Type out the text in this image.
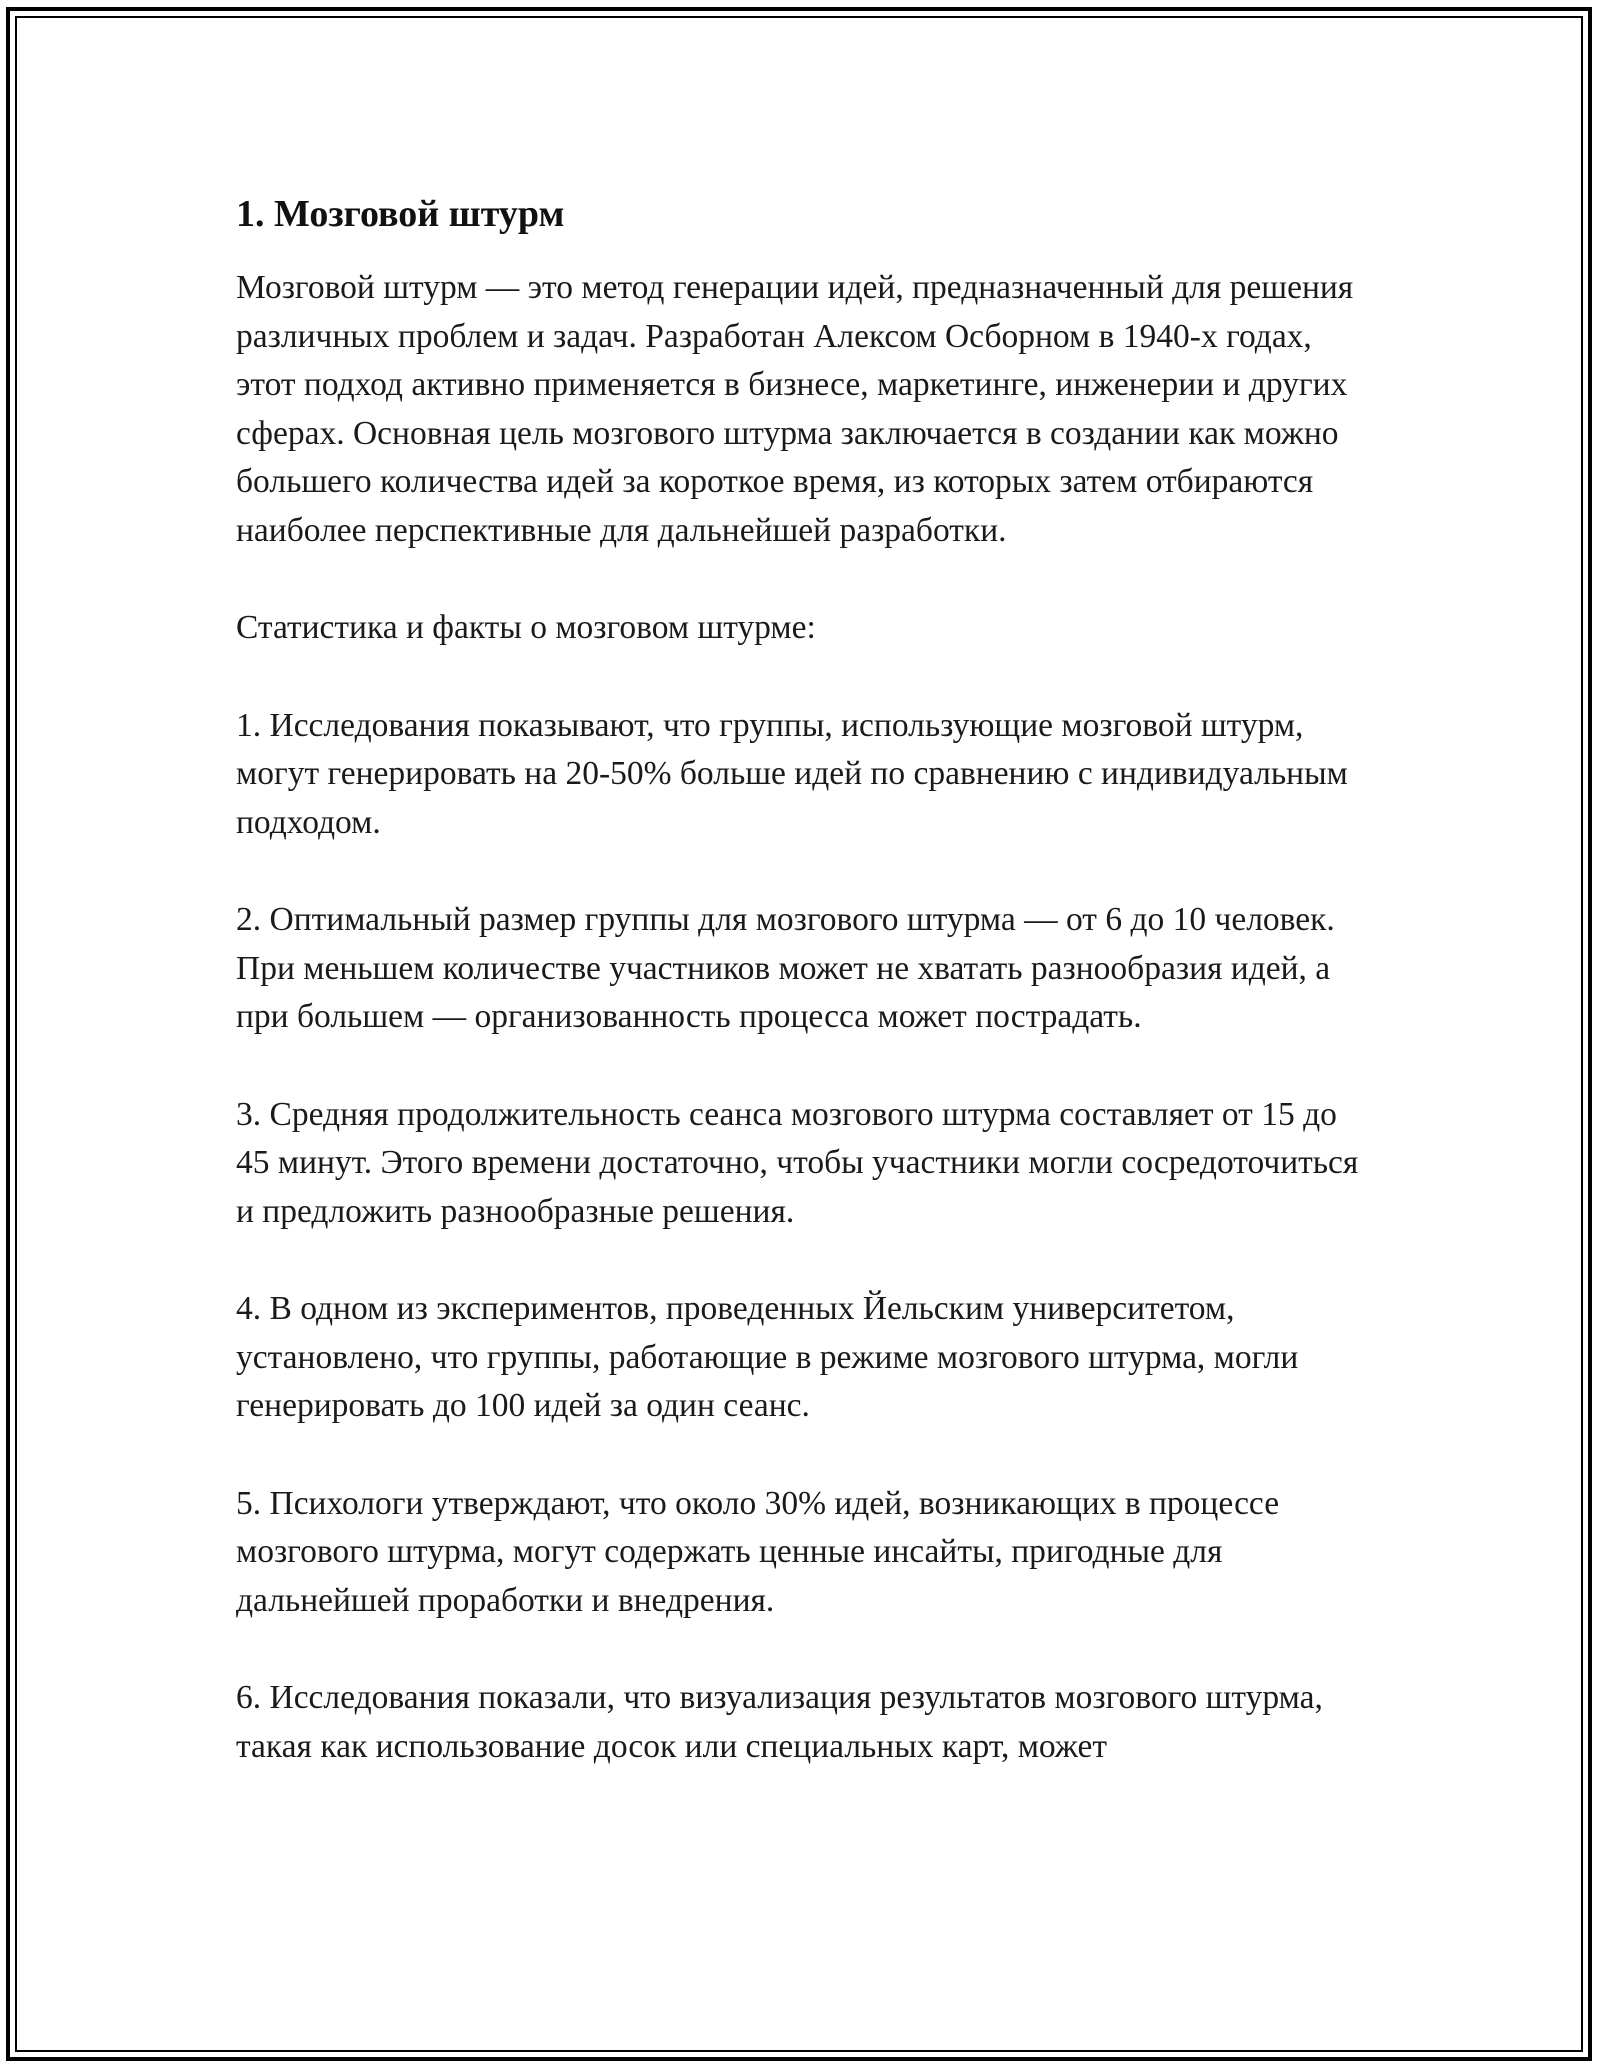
1. Мозговой штурм

Мозговой штурм — это метод генерации идей, предназначенный для решения различных проблем и задач. Разработан Алексом Осборном в 1940-х годах, этот подход активно применяется в бизнесе, маркетинге, инженерии и других сферах. Основная цель мозгового штурма заключается в создании как можно большего количества идей за короткое время, из которых затем отбираются наиболее перспективные для дальнейшей разработки.

Статистика и факты о мозговом штурме:

1. Исследования показывают, что группы, использующие мозговой штурм, могут генерировать на 20-50% больше идей по сравнению с индивидуальным подходом.

2. Оптимальный размер группы для мозгового штурма — от 6 до 10 человек. При меньшем количестве участников может не хватать разнообразия идей, а при большем — организованность процесса может пострадать.

3. Средняя продолжительность сеанса мозгового штурма составляет от 15 до 45 минут. Этого времени достаточно, чтобы участники могли сосредоточиться и предложить разнообразные решения.

4. В одном из экспериментов, проведенных Йельским университетом, установлено, что группы, работающие в режиме мозгового штурма, могли генерировать до 100 идей за один сеанс.

5. Психологи утверждают, что около 30% идей, возникающих в процессе мозгового штурма, могут содержать ценные инсайты, пригодные для дальнейшей проработки и внедрения.

6. Исследования показали, что визуализация результатов мозгового штурма, такая как использование досок или специальных карт, может
